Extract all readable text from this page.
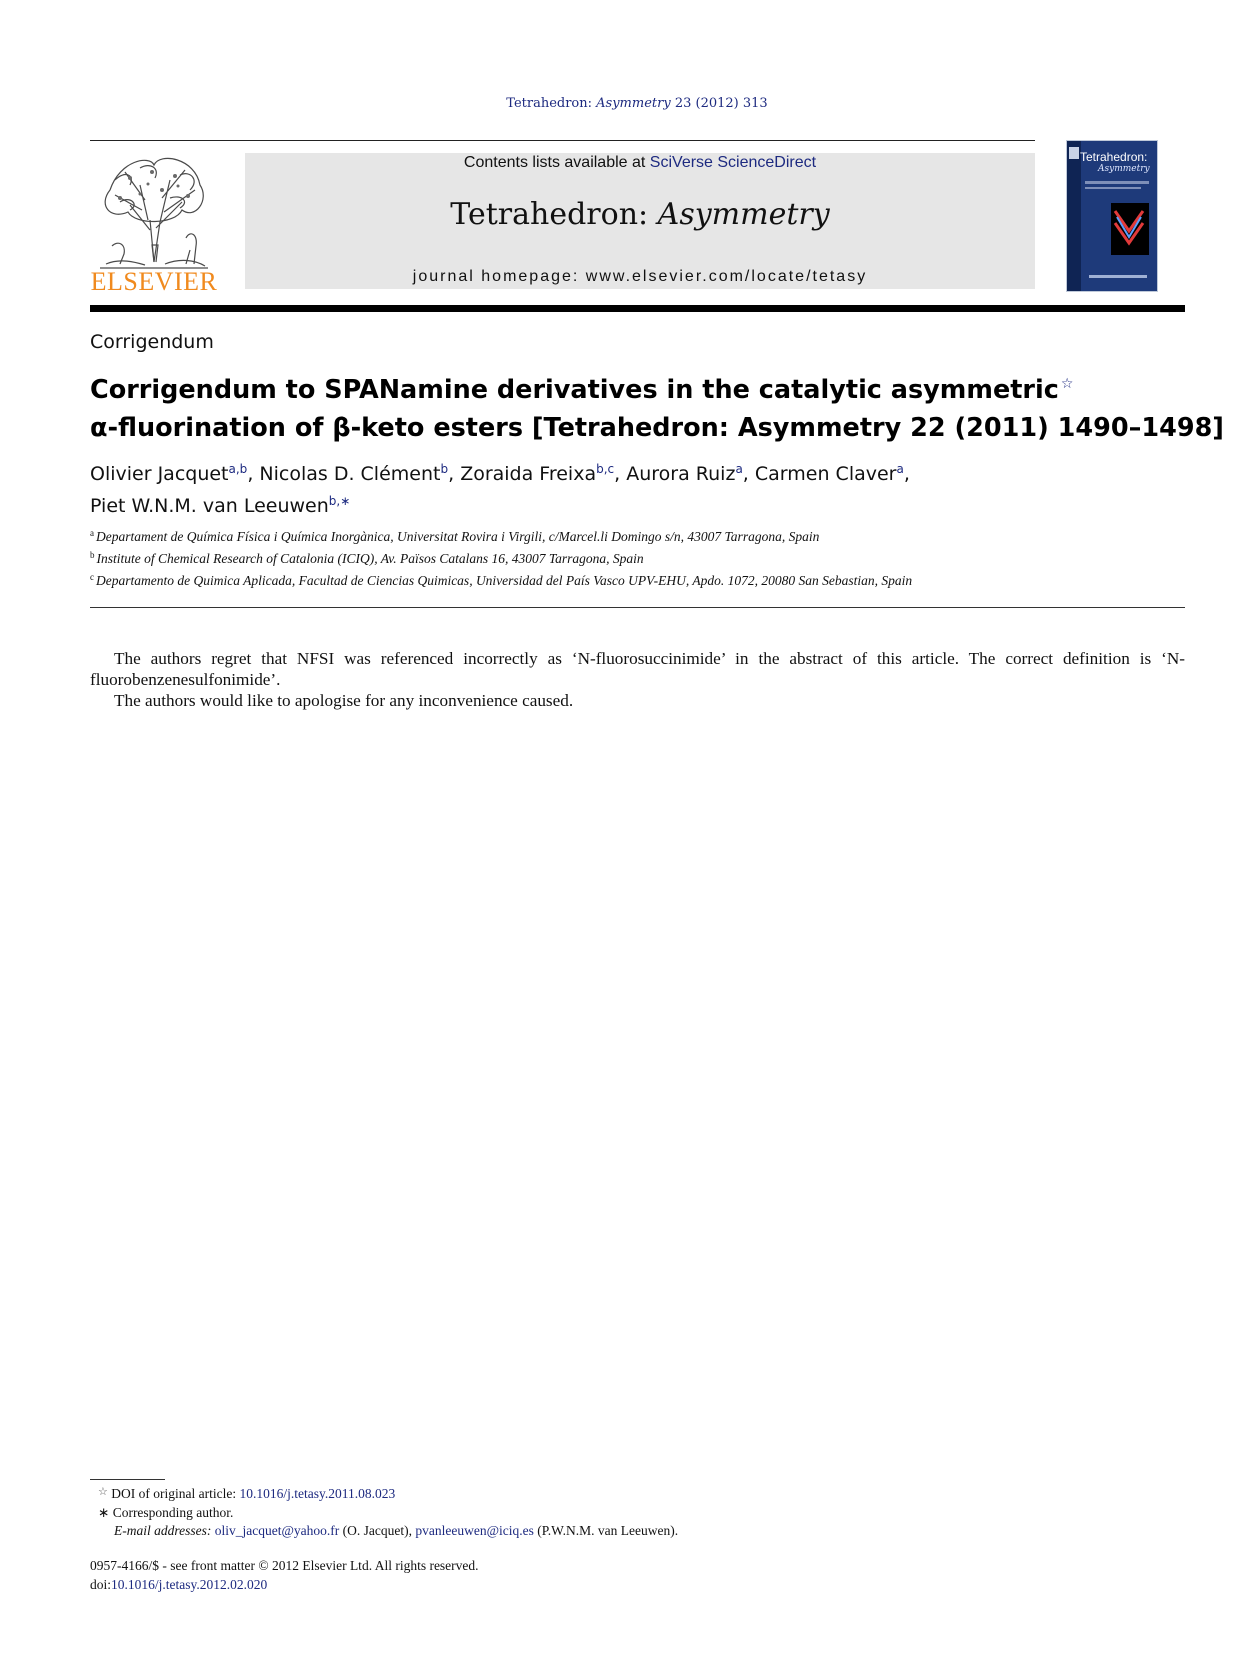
Tetrahedron: Asymmetry 23 (2012) 313
ELSEVIER
Contents lists available at SciVerse ScienceDirect
Tetrahedron: Asymmetry
journal homepage: www.elsevier.com/locate/tetasy
Tetrahedron:
Asymmetry
Corrigendum
Corrigendum to SPANamine derivatives in the catalytic asymmetric ☆
α-fluorination of β-keto esters [Tetrahedron: Asymmetry 22 (2011) 1490–1498]
Olivier Jacquet$^{a,b}$, Nicolas D. Clément$^b$, Zoraida Freixa$^{b,c}$, Aurora Ruiz$^a$, Carmen Claver$^a$,
Piet W.N.M. van Leeuwen$^{b,∗}$
$^a$ Departament de Química Física i Química Inorgànica, Universitat Rovira i Virgili, c/Marcel.li Domingo s/n, 43007 Tarragona, Spain
$^b$ Institute of Chemical Research of Catalonia (ICIQ), Av. Països Catalans 16, 43007 Tarragona, Spain
$^c$ Departamento de Quimica Aplicada, Facultad de Ciencias Quimicas, Universidad del País Vasco UPV-EHU, Apdo. 1072, 20080 San Sebastian, Spain

The authors regret that NFSI was referenced incorrectly as ‘N-fluorosuccinimide’ in the abstract of this article. The correct definition is ‘N-fluorobenzenesulfonimide’.

The authors would like to apologise for any inconvenience caused.

☆ DOI of original article: 10.1016/j.tetasy.2011.08.023

∗ Corresponding author.

E-mail addresses: oliv_jacquet@yahoo.fr (O. Jacquet), pvanleeuwen@iciq.es (P.W.N.M. van Leeuwen).

0957-4166/$ - see front matter © 2012 Elsevier Ltd. All rights reserved.
doi:10.1016/j.tetasy.2012.02.020
